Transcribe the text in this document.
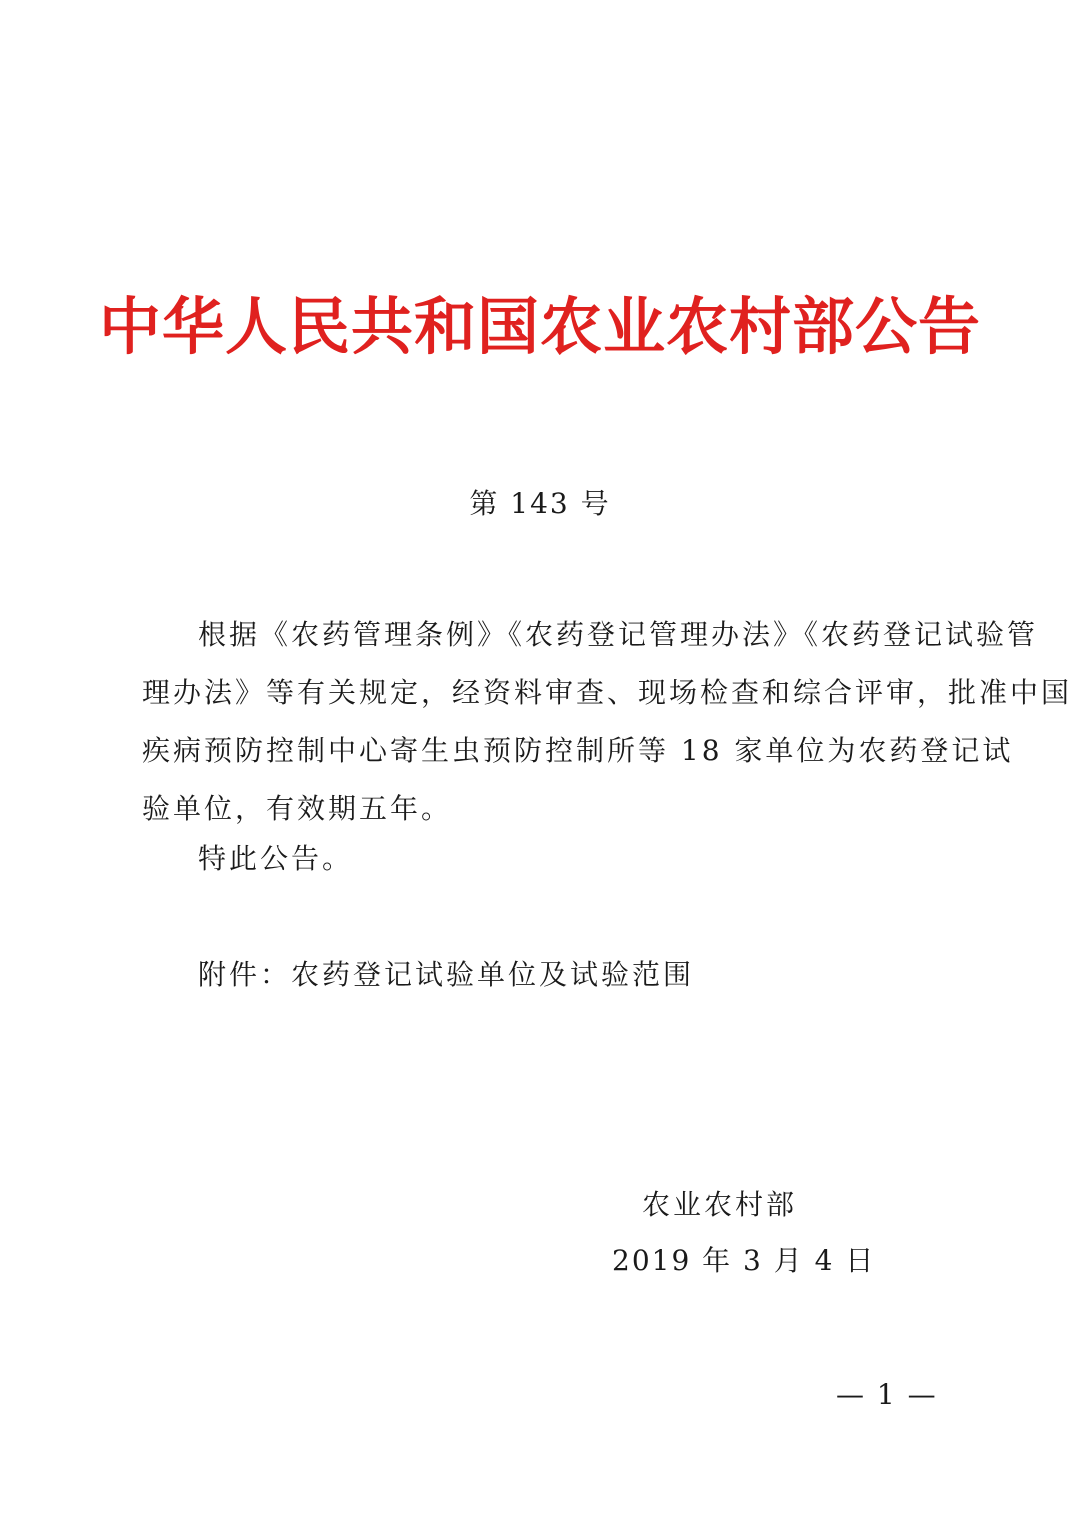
中华人民共和国农业农村部公告
第 143 号
根据《农药管理条例》《农药登记管理办法》《农药登记试验管
理办法》等有关规定，经资料审查、现场检查和综合评审，批准中国
疾病预防控制中心寄生虫预防控制所等 18 家单位为农药登记试
验单位，有效期五年。
特此公告。
附件：农药登记试验单位及试验范围
农业农村部
2019 年 3 月 4 日
— 1 —
